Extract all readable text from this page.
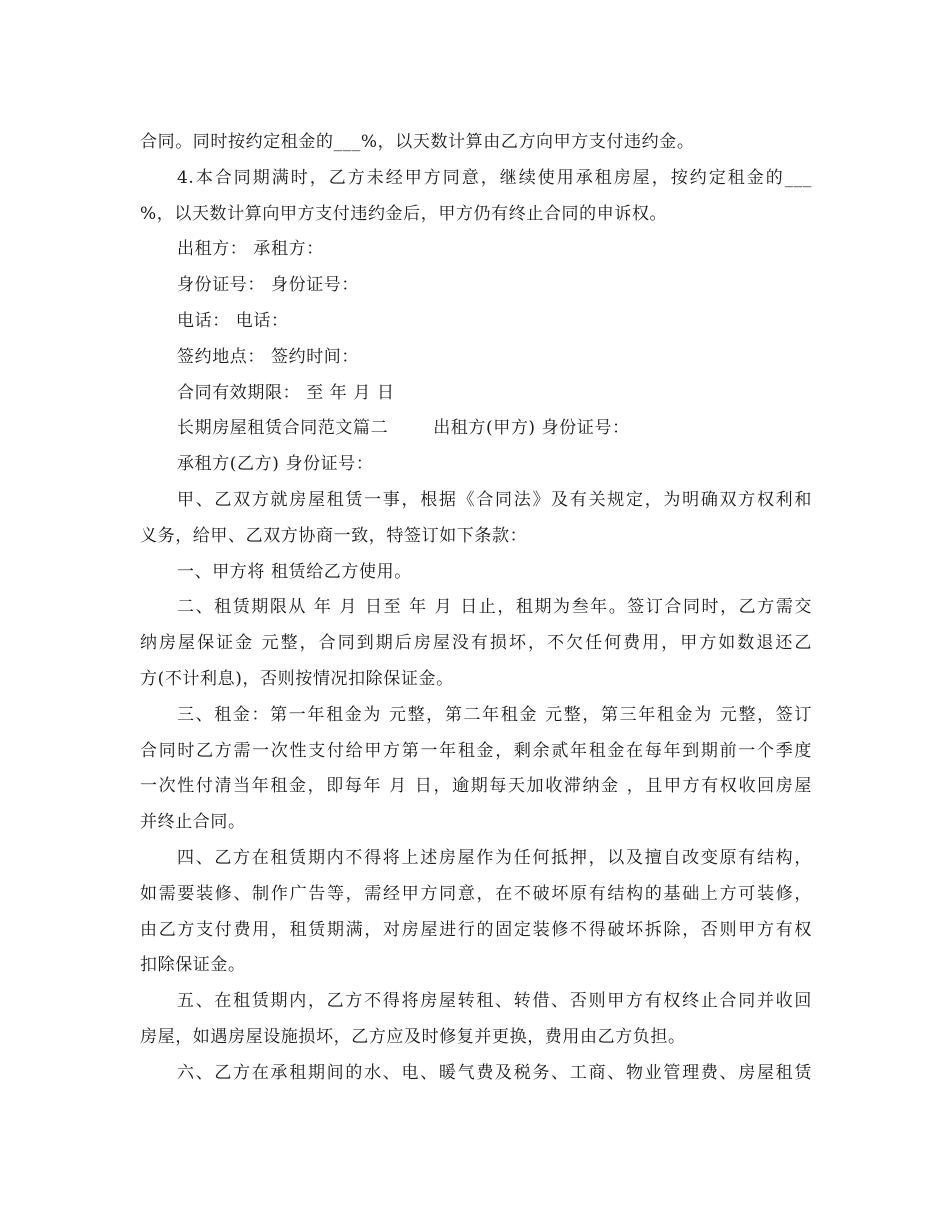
合同。同时按约定租金的___%，以天数计算由乙方向甲方支付违约金。
4.本合同期满时，乙方未经甲方同意，继续使用承租房屋，按约定租金的___
%，以天数计算向甲方支付违约金后，甲方仍有终止合同的申诉权。
出租方： 承租方：
身份证号： 身份证号：
电话： 电话：
签约地点： 签约时间：
合同有效期限： 至 年 月 日
长期房屋租赁合同范文篇二	出租方(甲方) 身份证号：
承租方(乙方) 身份证号：
甲、乙双方就房屋租赁一事，根据《合同法》及有关规定，为明确双方权利和
义务，给甲、乙双方协商一致，特签订如下条款：
一、甲方将 租赁给乙方使用。
二、租赁期限从 年 月 日至 年 月 日止，租期为叁年。签订合同时，乙方需交
纳房屋保证金 元整，合同到期后房屋没有损坏，不欠任何费用，甲方如数退还乙
方(不计利息)，否则按情况扣除保证金。
三、租金：第一年租金为 元整，第二年租金 元整，第三年租金为 元整，签订
合同时乙方需一次性支付给甲方第一年租金，剩余贰年租金在每年到期前一个季度
一次性付清当年租金，即每年 月 日，逾期每天加收滞纳金 ，且甲方有权收回房屋
并终止合同。
四、乙方在租赁期内不得将上述房屋作为任何抵押，以及擅自改变原有结构，
如需要装修、制作广告等，需经甲方同意，在不破坏原有结构的基础上方可装修，
由乙方支付费用，租赁期满，对房屋进行的固定装修不得破坏拆除，否则甲方有权
扣除保证金。
五、在租赁期内，乙方不得将房屋转租、转借、否则甲方有权终止合同并收回
房屋，如遇房屋设施损坏，乙方应及时修复并更换，费用由乙方负担。
六、乙方在承租期间的水、电、暖气费及税务、工商、物业管理费、房屋租赁
